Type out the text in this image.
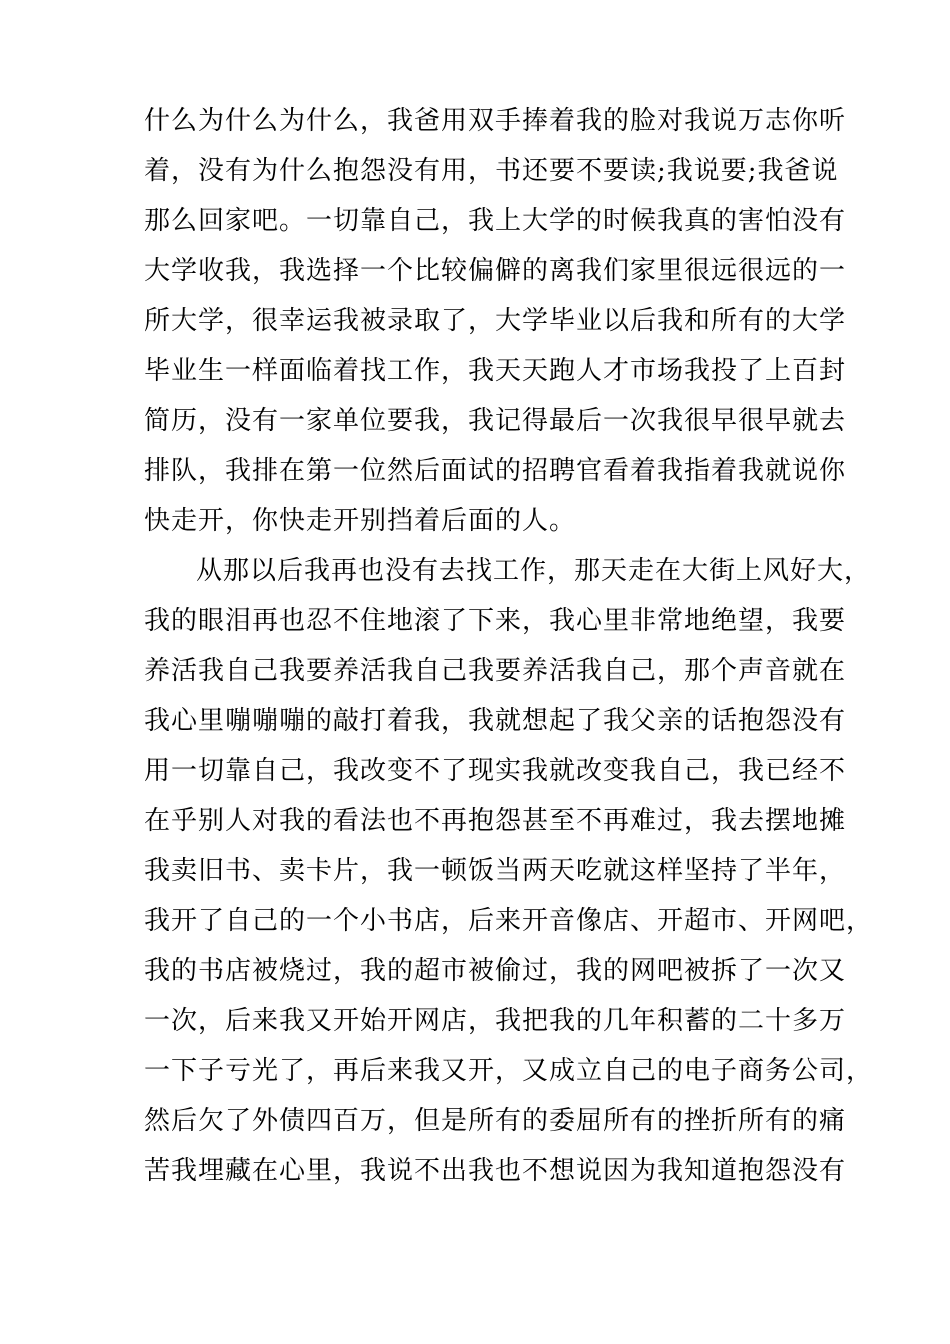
什么为什么为什么，我爸用双手捧着我的脸对我说万志你听
着，没有为什么抱怨没有用，书还要不要读;我说要;我爸说
那么回家吧。一切靠自己，我上大学的时候我真的害怕没有
大学收我，我选择一个比较偏僻的离我们家里很远很远的一
所大学，很幸运我被录取了，大学毕业以后我和所有的大学
毕业生一样面临着找工作，我天天跑人才市场我投了上百封
简历，没有一家单位要我，我记得最后一次我很早很早就去
排队，我排在第一位然后面试的招聘官看着我指着我就说你
快走开，你快走开别挡着后面的人。
从那以后我再也没有去找工作，那天走在大街上风好大，
我的眼泪再也忍不住地滚了下来，我心里非常地绝望，我要
养活我自己我要养活我自己我要养活我自己，那个声音就在
我心里嘣嘣嘣的敲打着我，我就想起了我父亲的话抱怨没有
用一切靠自己，我改变不了现实我就改变我自己，我已经不
在乎别人对我的看法也不再抱怨甚至不再难过，我去摆地摊
我卖旧书、卖卡片，我一顿饭当两天吃就这样坚持了半年，
我开了自己的一个小书店，后来开音像店、开超市、开网吧，
我的书店被烧过，我的超市被偷过，我的网吧被拆了一次又
一次，后来我又开始开网店，我把我的几年积蓄的二十多万
一下子亏光了，再后来我又开，又成立自己的电子商务公司，
然后欠了外债四百万，但是所有的委屈所有的挫折所有的痛
苦我埋藏在心里，我说不出我也不想说因为我知道抱怨没有
